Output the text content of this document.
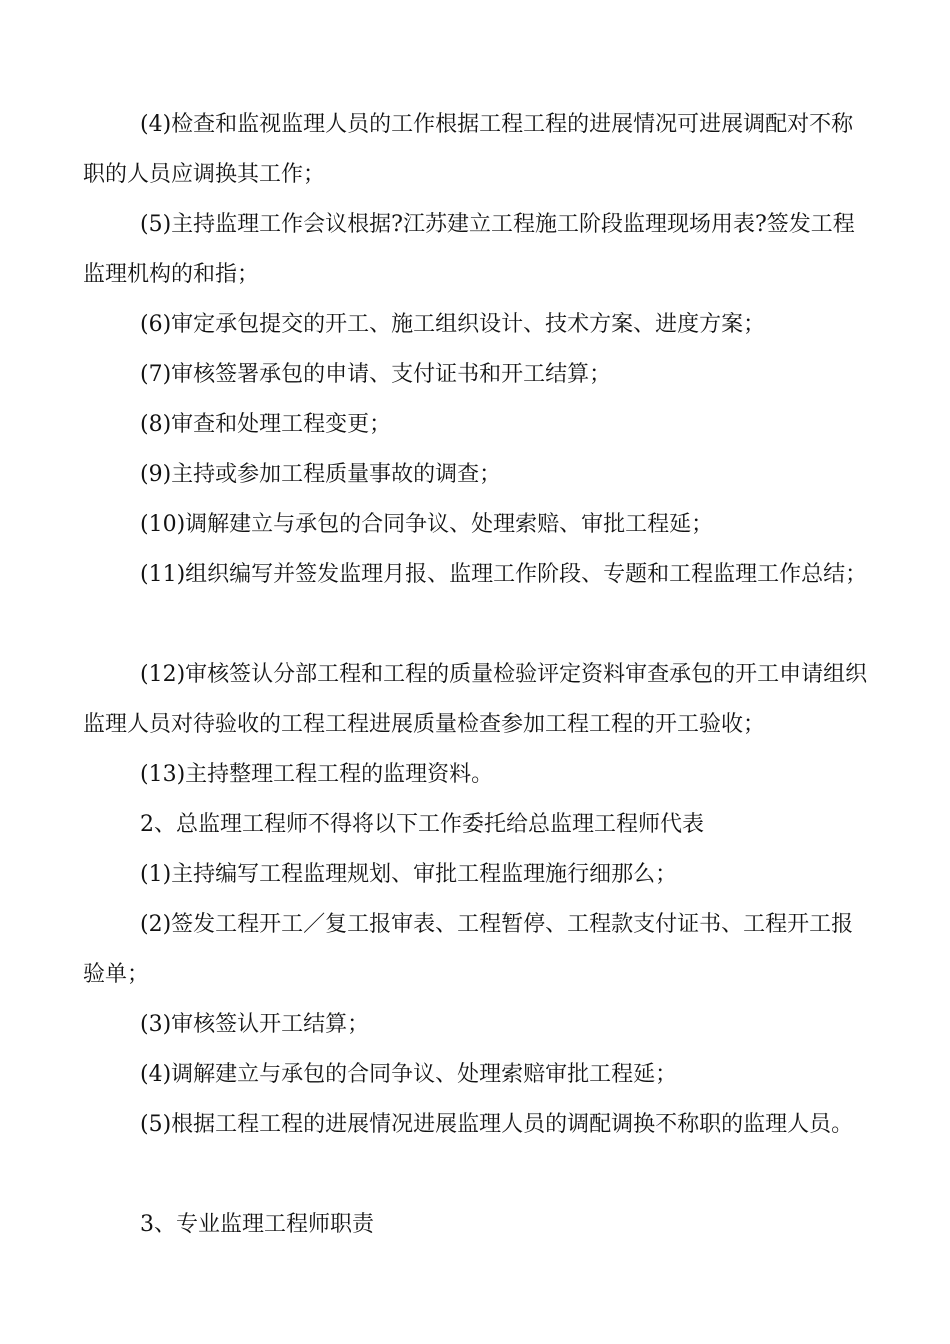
(4)检查和监视监理人员的工作根据工程工程的进展情况可进展调配对不称职的人员应调换其工作；

(5)主持监理工作会议根据?江苏建立工程施工阶段监理现场用表?签发工程监理机构的和指；

(6)审定承包提交的开工、施工组织设计、技术方案、进度方案；

(7)审核签署承包的申请、支付证书和开工结算；

(8)审查和处理工程变更；

(9)主持或参加工程质量事故的调查；

(10)调解建立与承包的合同争议、处理索赔、审批工程延；

(11)组织编写并签发监理月报、监理工作阶段、专题和工程监理工作总结；

(12)审核签认分部工程和工程的质量检验评定资料审查承包的开工申请组织监理人员对待验收的工程工程进展质量检查参加工程工程的开工验收；

(13)主持整理工程工程的监理资料。

2、总监理工程师不得将以下工作委托给总监理工程师代表

(1)主持编写工程监理规划、审批工程监理施行细那么；

(2)签发工程开工／复工报审表、工程暂停、工程款支付证书、工程开工报验单；

(3)审核签认开工结算；

(4)调解建立与承包的合同争议、处理索赔审批工程延；

(5)根据工程工程的进展情况进展监理人员的调配调换不称职的监理人员。

3、专业监理工程师职责
